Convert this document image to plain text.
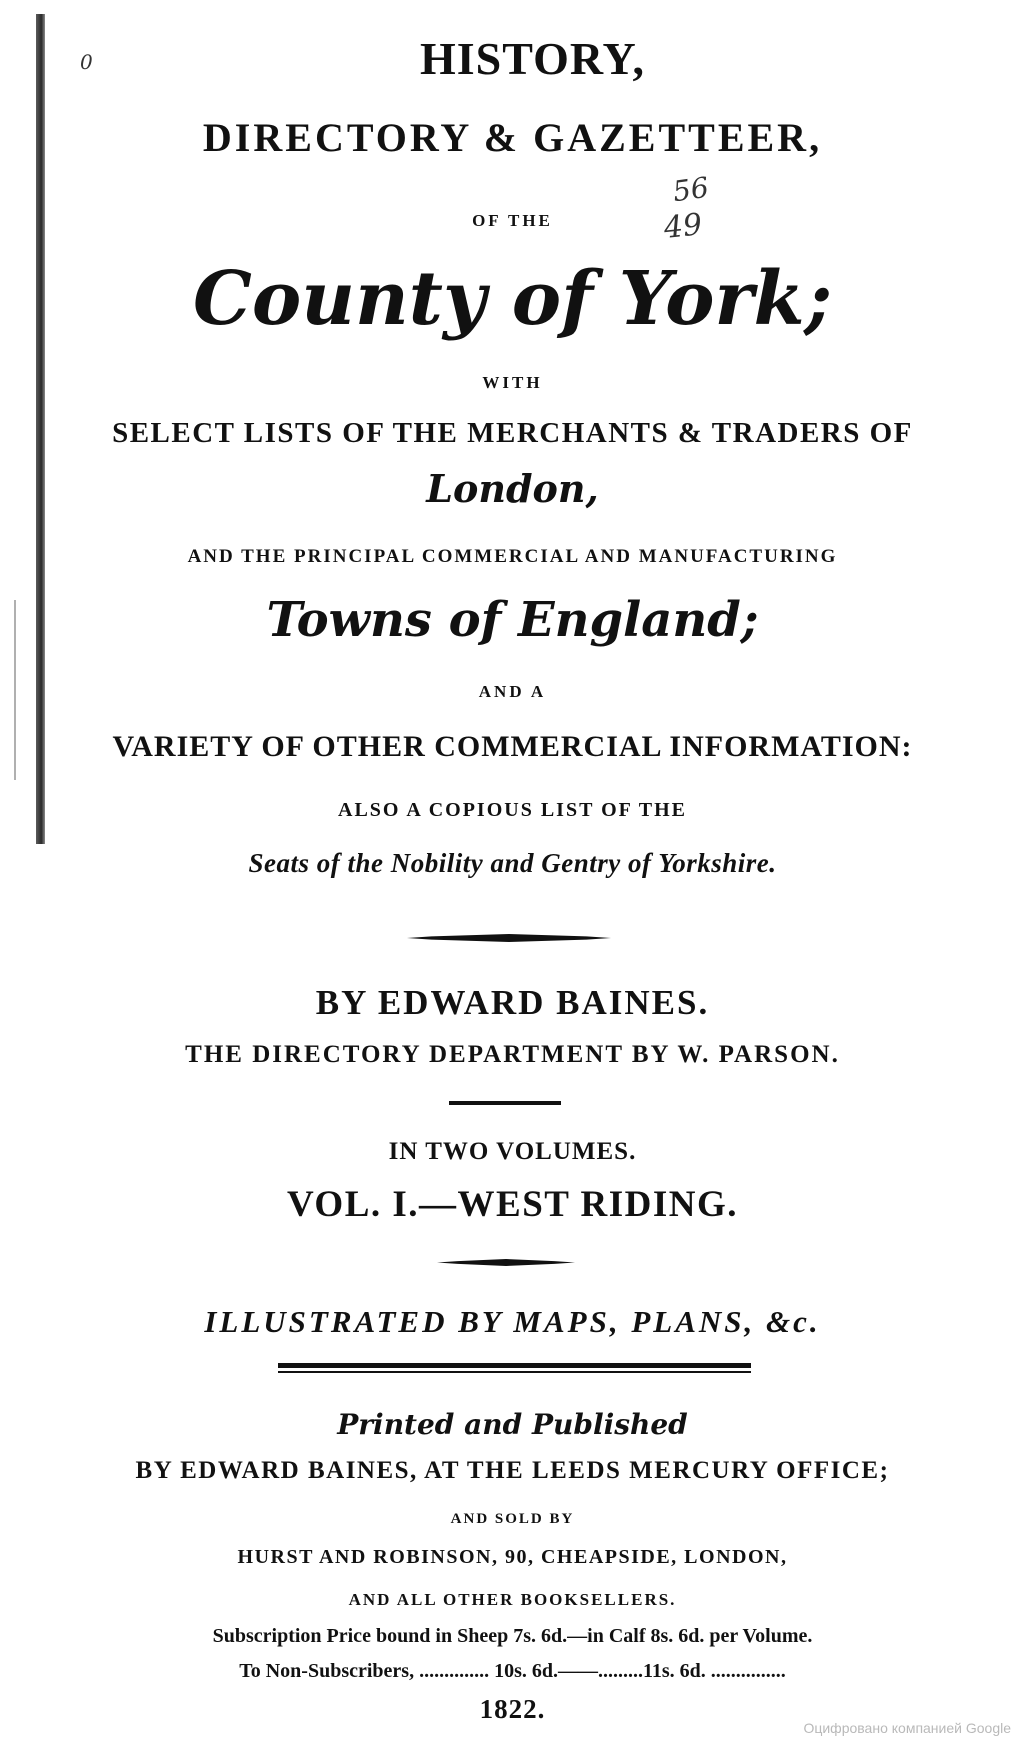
0
56
49
HISTORY,
DIRECTORY & GAZETTEER,
OF THE
County of York;
WITH
SELECT LISTS OF THE MERCHANTS & TRADERS OF
London,
AND THE PRINCIPAL COMMERCIAL AND MANUFACTURING
Towns of England;
AND A
VARIETY OF OTHER COMMERCIAL INFORMATION:
ALSO A COPIOUS LIST OF THE
Seats of the Nobility and Gentry of Yorkshire.
BY EDWARD BAINES.
THE DIRECTORY DEPARTMENT BY W. PARSON.
IN TWO VOLUMES.
VOL. I.—WEST RIDING.
ILLUSTRATED BY MAPS, PLANS, &c.
Printed and Published
BY EDWARD BAINES, AT THE LEEDS MERCURY OFFICE;
AND SOLD BY
HURST AND ROBINSON, 90, CHEAPSIDE, LONDON,
AND ALL OTHER BOOKSELLERS.
Subscription Price bound in Sheep 7s. 6d.—in Calf 8s. 6d. per Volume.
To Non-Subscribers, .............. 10s. 6d.——.........11s. 6d. ...............
1822.
Оцифровано компанией Google
